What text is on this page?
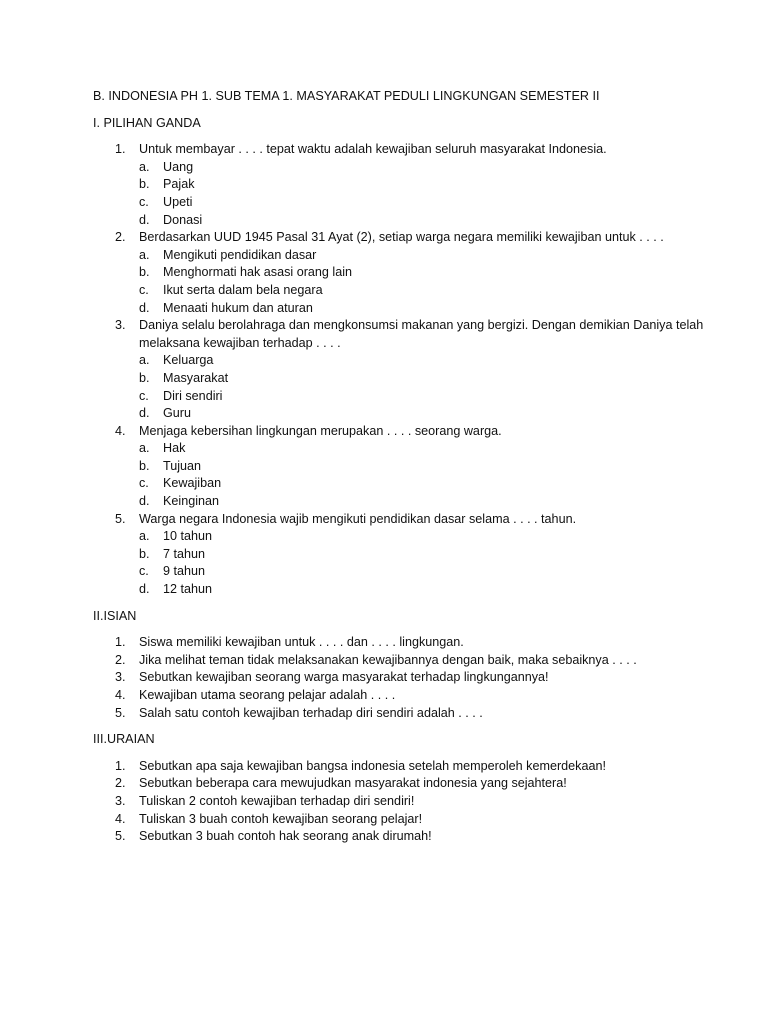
B. INDONESIA PH 1. SUB TEMA 1. MASYARAKAT PEDULI LINGKUNGAN SEMESTER II

I. PILIHAN GANDA

1. Untuk membayar . . . . tepat waktu adalah kewajiban seluruh masyarakat Indonesia.
a. Uang
b. Pajak
c. Upeti
d. Donasi
2. Berdasarkan UUD 1945 Pasal 31 Ayat (2), setiap warga negara memiliki kewajiban untuk . . . .
a. Mengikuti pendidikan dasar
b. Menghormati hak asasi orang lain
c. Ikut serta dalam bela negara
d. Menaati hukum dan aturan
3. Daniya selalu berolahraga dan mengkonsumsi makanan yang bergizi. Dengan demikian Daniya telah melaksana kewajiban terhadap . . . .
a. Keluarga
b. Masyarakat
c. Diri sendiri
d. Guru
4. Menjaga kebersihan lingkungan merupakan . . . . seorang warga.
a. Hak
b. Tujuan
c. Kewajiban
d. Keinginan
5. Warga negara Indonesia wajib mengikuti pendidikan dasar selama . . . . tahun.
a. 10 tahun
b. 7 tahun
c. 9 tahun
d. 12 tahun

II.ISIAN

1. Siswa memiliki kewajiban untuk . . . . dan . . . . lingkungan.
2. Jika melihat teman tidak melaksanakan kewajibannya dengan baik, maka sebaiknya . . . .
3. Sebutkan kewajiban seorang warga masyarakat terhadap lingkungannya!
4. Kewajiban utama seorang pelajar adalah . . . .
5. Salah satu contoh kewajiban terhadap diri sendiri adalah . . . .

III.URAIAN

1. Sebutkan apa saja kewajiban bangsa indonesia setelah memperoleh kemerdekaan!
2. Sebutkan beberapa cara mewujudkan masyarakat indonesia yang sejahtera!
3. Tuliskan 2 contoh kewajiban terhadap diri sendiri!
4. Tuliskan 3 buah contoh kewajiban seorang pelajar!
5. Sebutkan 3 buah contoh hak seorang anak dirumah!
